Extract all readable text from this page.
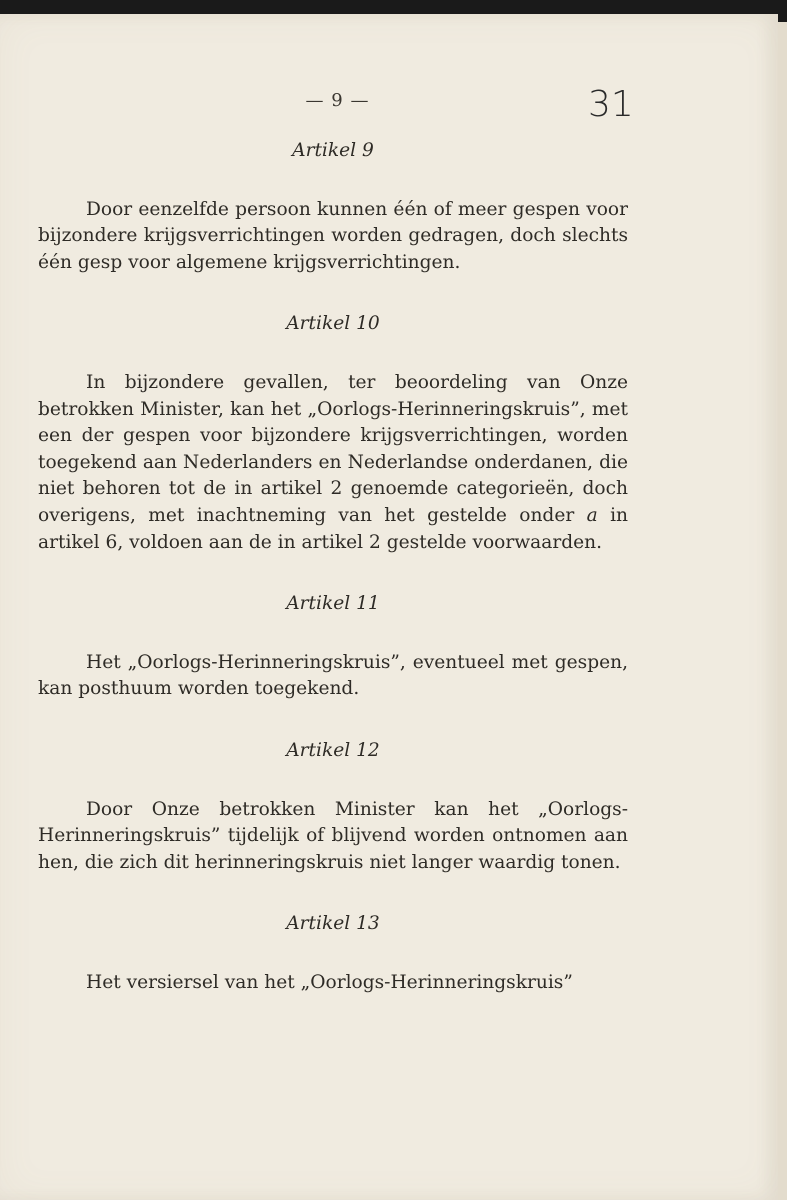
— 9 —	31

Artikel 9

Door eenzelfde persoon kunnen één of meer gespen voor bijzondere krijgsverrichtingen worden gedragen, doch slechts één gesp voor algemene krijgsverrichtingen.

Artikel 10

In bijzondere gevallen, ter beoordeling van Onze betrokken Minister, kan het „Oorlogs-Herinneringskruis”, met een der gespen voor bijzondere krijgsverrichtingen, worden toegekend aan Nederlanders en Nederlandse onderdanen, die niet behoren tot de in artikel 2 genoemde categorieën, doch overigens, met inachtneming van het gestelde onder a in artikel 6, voldoen aan de in artikel 2 gestelde voorwaarden.

Artikel 11

Het „Oorlogs-Herinneringskruis”, eventueel met gespen, kan posthuum worden toegekend.

Artikel 12

Door Onze betrokken Minister kan het „Oorlogs-Herinneringskruis” tijdelijk of blijvend worden ontnomen aan hen, die zich dit herinneringskruis niet langer waardig tonen.

Artikel 13

Het versiersel van het „Oorlogs-Herinneringskruis”
